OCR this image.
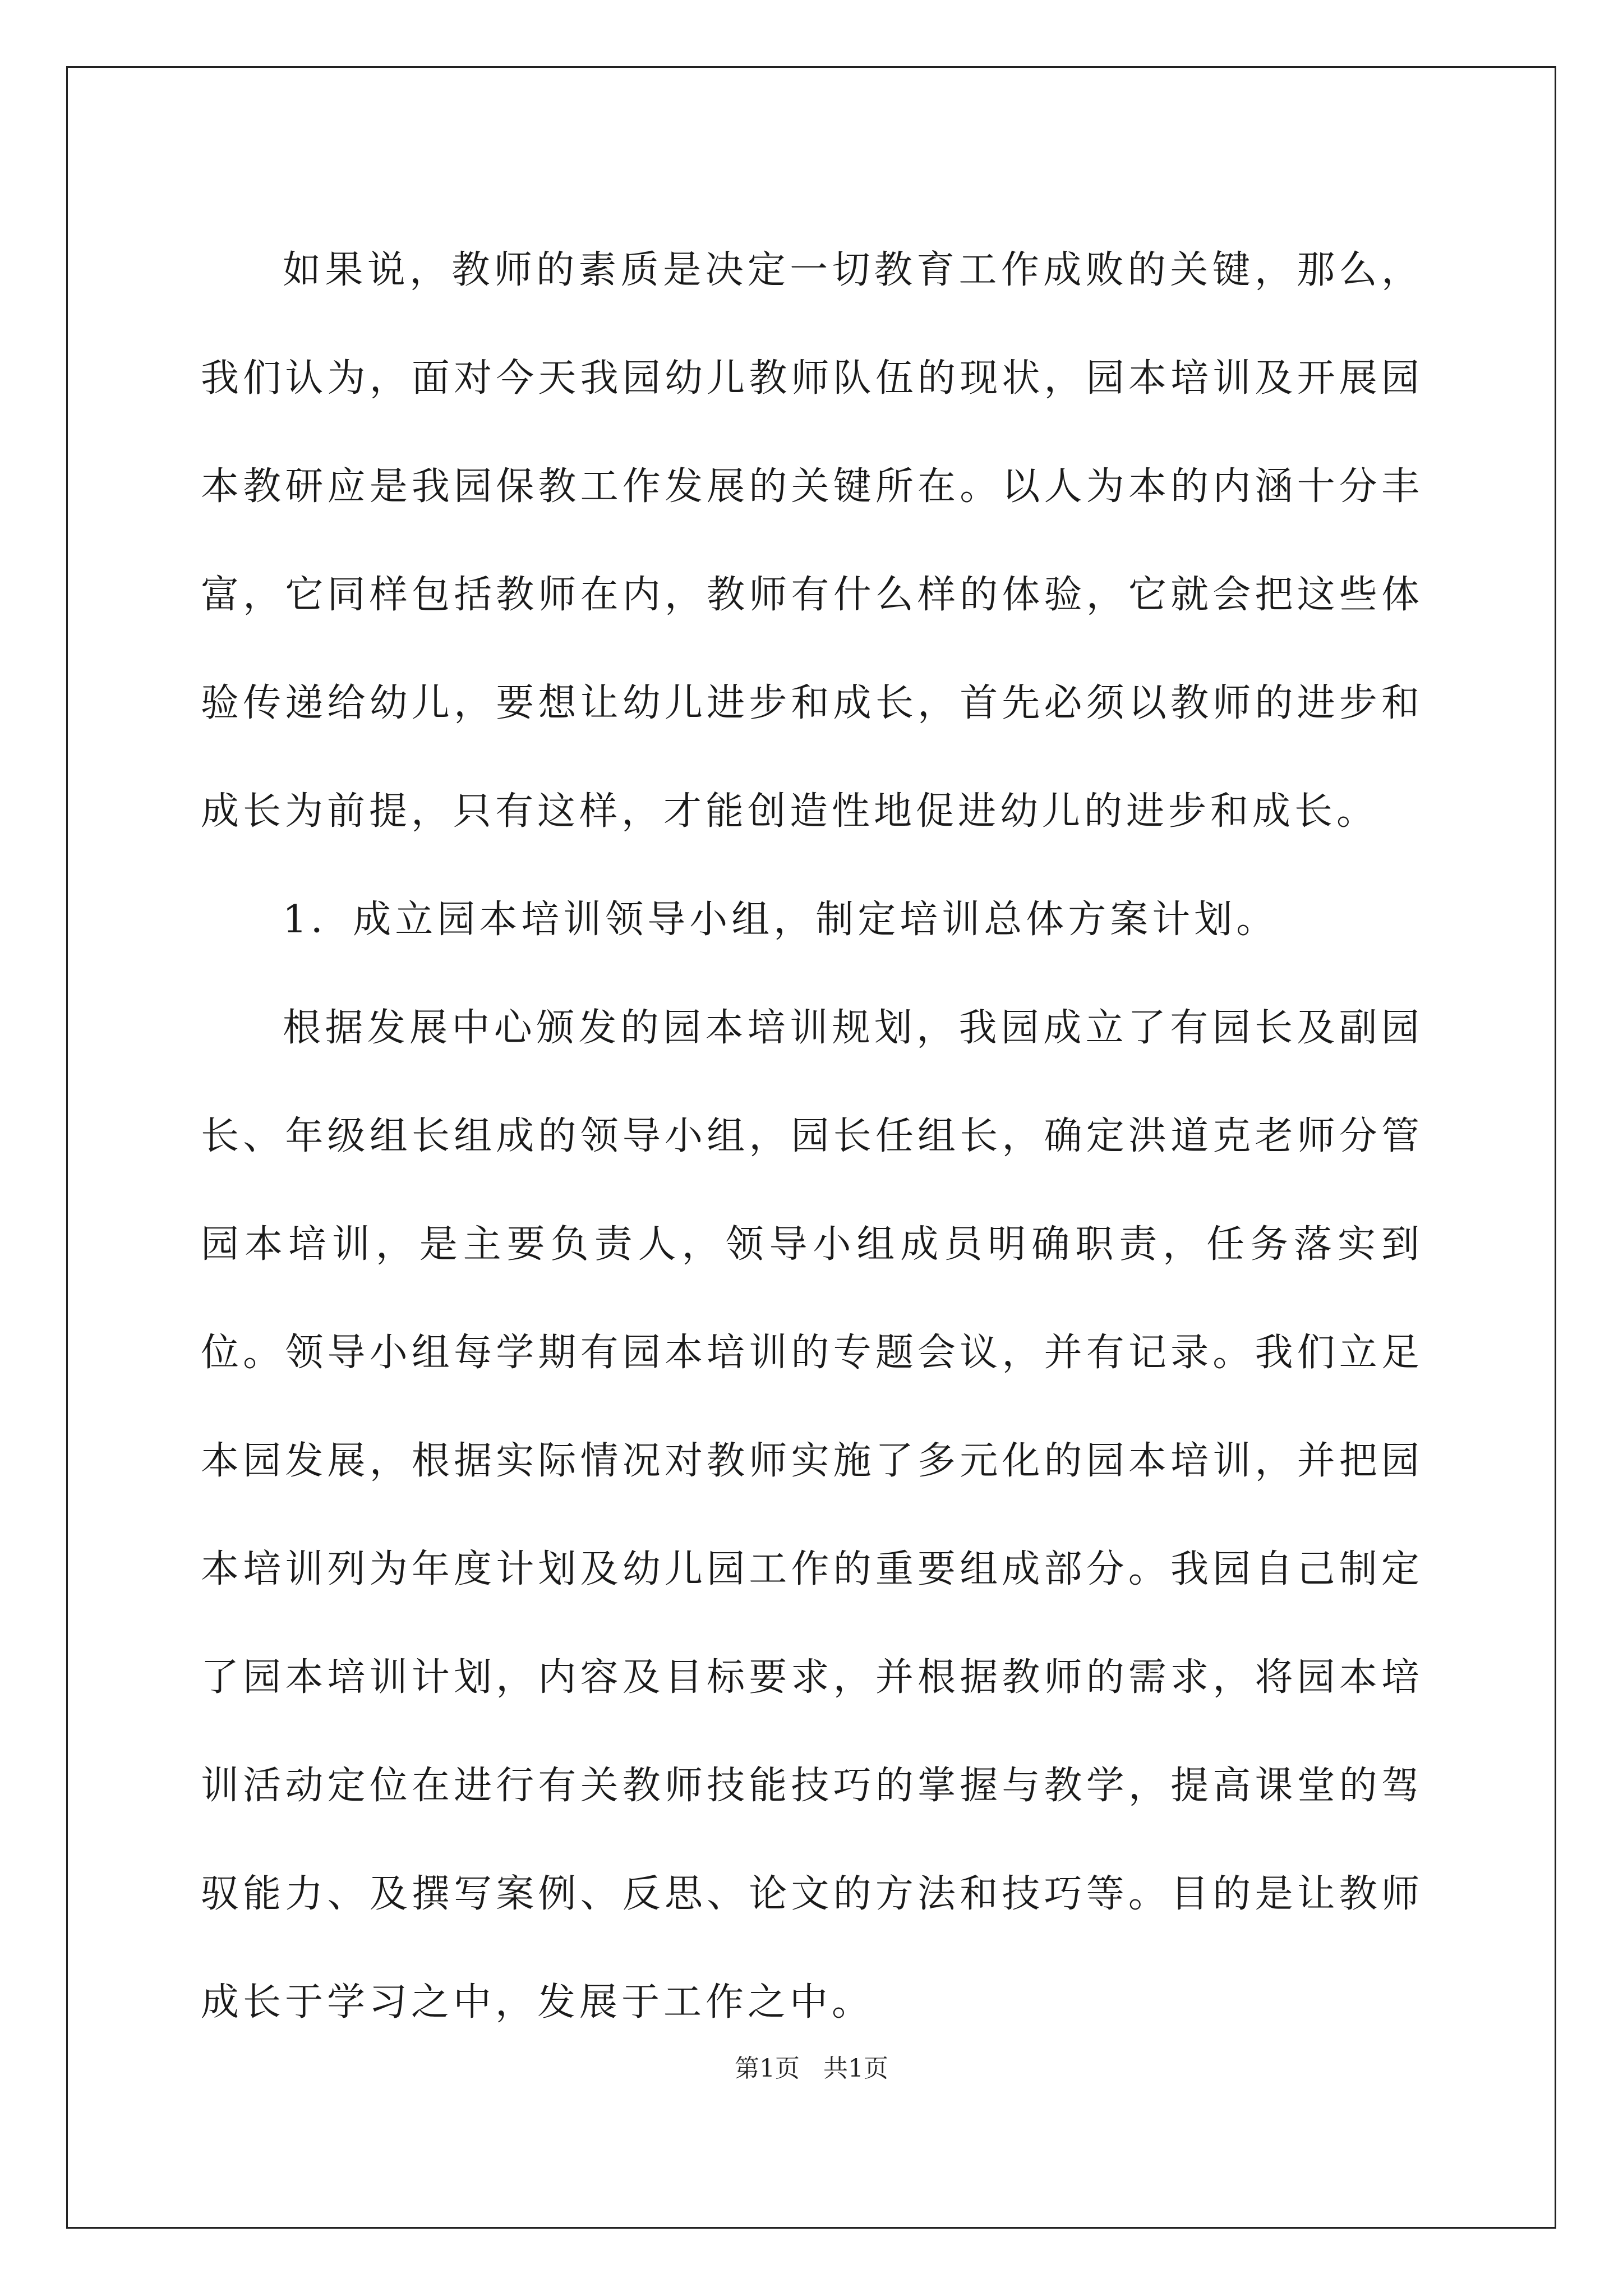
如果说，教师的素质是决定一切教育工作成败的关键，那么，我们认为，面对今天我园幼儿教师队伍的现状，园本培训及开展园本教研应是我园保教工作发展的关键所在。以人为本的内涵十分丰富，它同样包括教师在内，教师有什么样的体验，它就会把这些体验传递给幼儿，要想让幼儿进步和成长，首先必须以教师的进步和成长为前提，只有这样，才能创造性地促进幼儿的进步和成长。

1．成立园本培训领导小组，制定培训总体方案计划。

根据发展中心颁发的园本培训规划，我园成立了有园长及副园长、年级组长组成的领导小组，园长任组长，确定洪道克老师分管园本培训，是主要负责人，领导小组成员明确职责，任务落实到位。领导小组每学期有园本培训的专题会议，并有记录。我们立足本园发展，根据实际情况对教师实施了多元化的园本培训，并把园本培训列为年度计划及幼儿园工作的重要组成部分。我园自己制定了园本培训计划，内容及目标要求，并根据教师的需求，将园本培训活动定位在进行有关教师技能技巧的掌握与教学，提高课堂的驾驭能力、及撰写案例、反思、论文的方法和技巧等。目的是让教师成长于学习之中，发展于工作之中。

第1页   共1页
